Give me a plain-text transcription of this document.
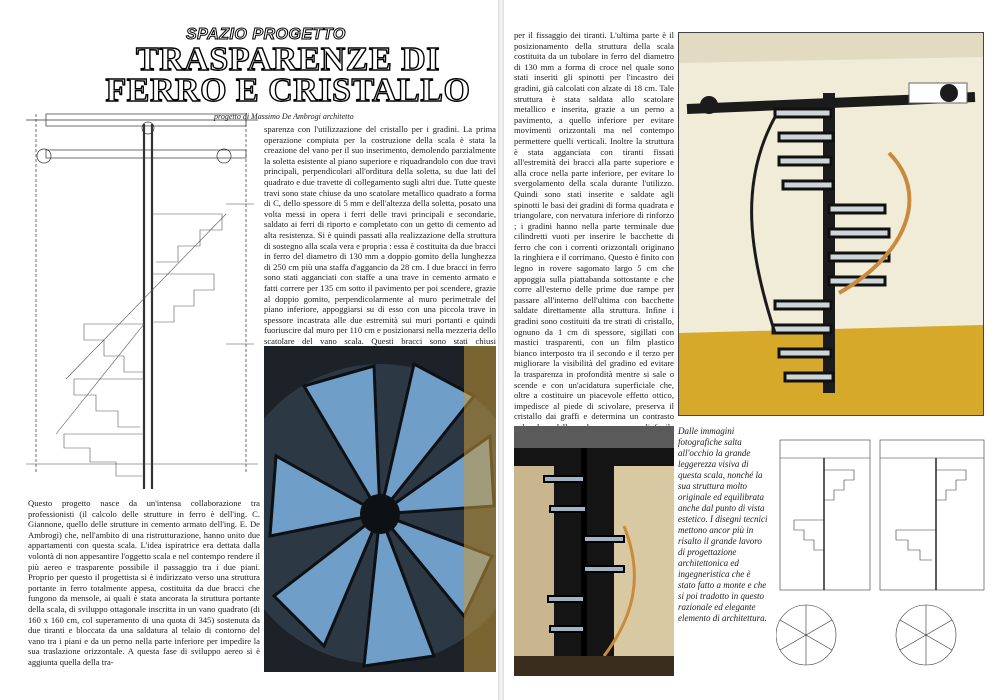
SPAZIO PROGETTO
TRASPARENZE DI FERRO E CRISTALLO
progetto di Massimo De Ambrogi architetto

Questo progetto nasce da un'intensa collaborazione tra professionisti (il calcolo delle strutture in ferro è dell'ing. C. Giannone, quello delle strutture in cemento armato dell'ing. E. De Ambrogi) che, nell'ambito di una ristrutturazione, hanno unito due appartamenti con questa scala. L'idea ispiratrice era dettata dalla volontà di non appesantire l'oggetto scala e nel contempo rendere il più aereo e trasparente possibile il passaggio tra i due piani. Proprio per questo il progettista si è indirizzato verso una struttura portante in ferro totalmente appesa, costituita da due bracci che fungono da mensole, ai quali è stata ancorata la struttura portante della scala, di sviluppo ottagonale inscritta in un vano quadrato (di 160 x 160 cm, col superamento di una quota di 345) sostenuta da due tiranti e bloccata da una saldatura al telaio di contorno del vano tra i piani e da un perno nella parte inferiore per impedire la sua traslazione orizzontale. A questa fase di sviluppo aereo si è aggiunta quella della tra-

sparenza con l'utilizzazione del cristallo per i gradini. La prima operazione compiuta per la costruzione della scala è stata la creazione del vano per il suo inserimento, demolendo parzialmente la soletta esistente al piano superiore e riquadrandolo con due travi principali, perpendicolari all'orditura della soletta, su due lati del quadrato e due travette di collegamento sugli altri due. Tutte queste travi sono state chiuse da uno scatolare metallico quadrato a forma di C, dello spessore di 5 mm e dell'altezza della soletta, posato una volta messi in opera i ferri delle travi principali e secondarie, saldato ai ferri di riporto e completato con un getto di cemento ad alta resistenza. Si è quindi passati alla realizzazione della struttura di sostegno alla scala vera e propria : essa è costituita da due bracci in ferro del diametro di 130 mm a doppio gomito della lunghezza di 250 cm più una staffa d'aggancio da 28 cm. I due bracci in ferro sono stati agganciati con staffe a una trave in cemento armato e fatti correre per 135 cm sotto il pavimento per poi scendere, grazie al doppio gomito, perpendicolarmente al muro perimetrale del piano inferiore, appoggiarsi su di esso con una piccola trave in spessore incastrata alle due estremità sui muri portanti e quindi fuoriuscire dal muro per 110 cm e posizionarsi nella mezzeria dello scatolare del vano scala. Questi bracci sono stati chiusi

per il fissaggio dei tiranti. L'ultima parte è il posizionamento della struttura della scala costituita da un tubolare in ferro del diametro di 130 mm a forma di croce nel quale sono stati inseriti gli spinotti per l'incastro dei gradini, già calcolati con alzate di 18 cm. Tale struttura è stata saldata allo scatolare metallico e inserita, grazie a un perno a pavimento, a quello inferiore per evitare movimenti orizzontali ma nel contempo permettere quelli verticali. Inoltre la struttura è stata agganciata con tiranti fissati all'estremità dei bracci alla parte superiore e alla croce nella parte inferiore, per evitare lo svergolamento della scala durante l'utilizzo. Quindi sono stati inserite e saldate agli spinotti le basi dei gradini di forma quadrata e triangolare, con nervatura inferiore di rinforzo ; i gradini hanno nella parte terminale due cilindretti vuoti per inserire le bacchette di ferro che con i correnti orizzontali originano la ringhiera e il corrimano. Questo è finito con legno in rovere sagomato largo 5 cm che appoggia sulla piattabanda sottostante e che corre all'esterno delle prime due rampe per passare all'interno dell'ultima con bacchette saldate direttamente alla struttura. Infine i gradini sono costituiti da tre strati di cristallo, ognuno da 1 cm di spessore, sigillati con mastici trasparenti, con un film plastico bianco interposto tra il secondo e il terzo per migliorare la visibilità del gradino ed evitare la trasparenza in profondità mentre si sale o scende e con un'acidatura superficiale che, oltre a costituire un piacevole effetto ottico, impedisce al piede di scivolare, preserva il cristallo dai graffi e determina un contrasto

Dalle immagini fotografiche salta all'occhio la grande leggerezza visiva di questa scala, nonché la sua struttura molto originale ed equilibrata anche dal punto di vista estetico. I disegni tecnici mettono ancor più in risalto il grande lavoro di progettazione architettonica ed ingegneristica che è stato fatto a monte e che si poi tradotto in questo razionale ed elegante elemento di architettura.
